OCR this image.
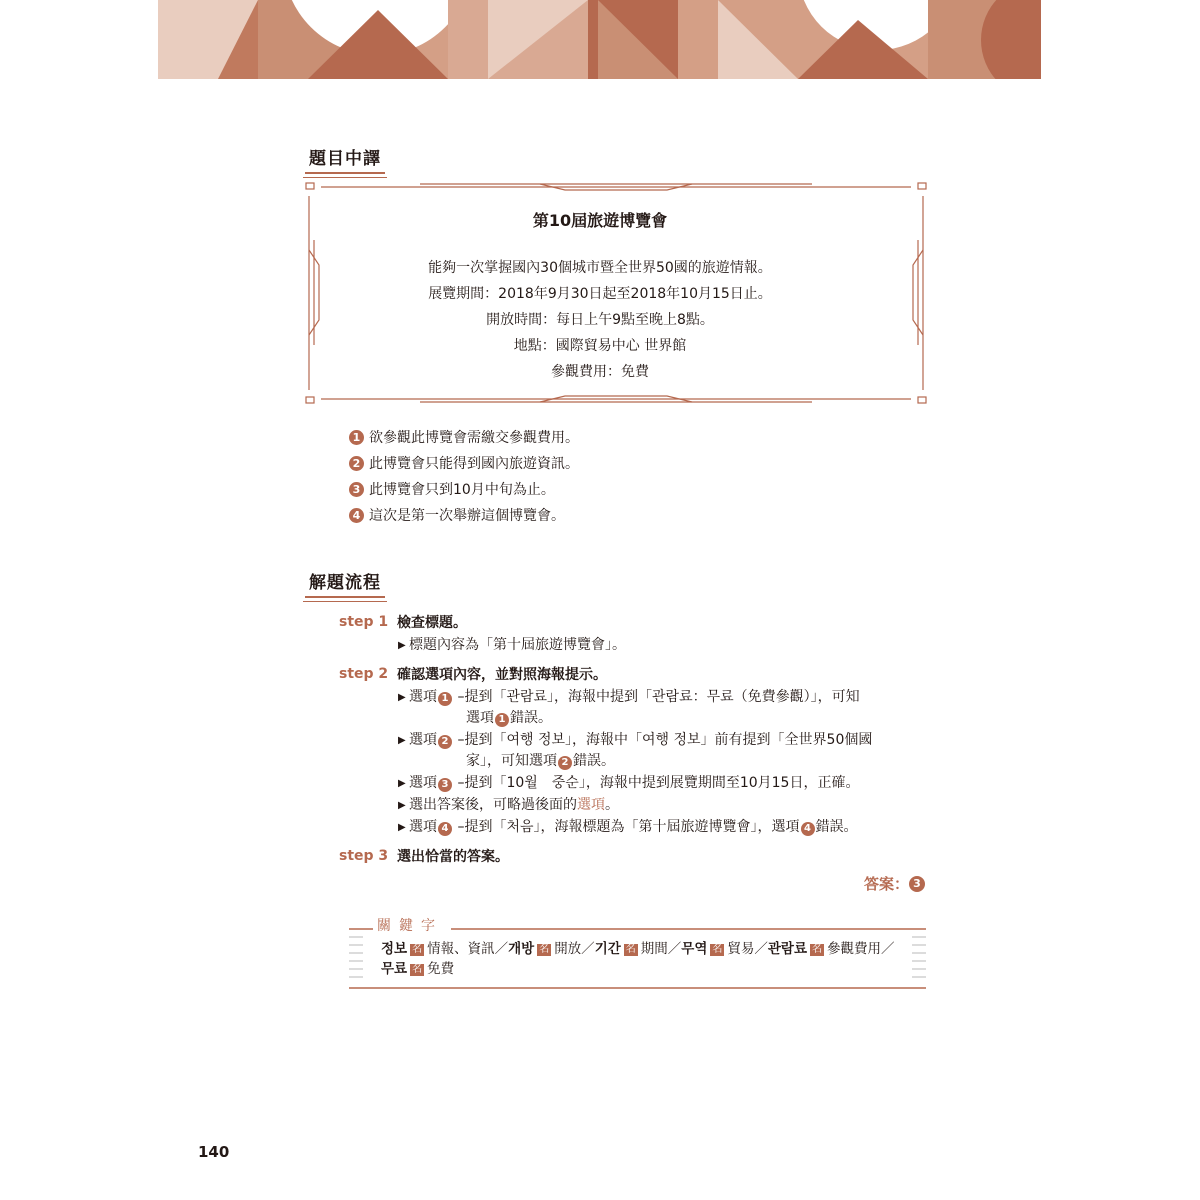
題目中譯
第10屆旅遊博覽會
能夠一次掌握國內30個城市暨全世界50國的旅遊情報。
展覽期間：2018年9月30日起至2018年10月15日止。
開放時間：每日上午9點至晚上8點。
地點：國際貿易中心 世界館
參觀費用：免費
1 欲參觀此博覽會需繳交參觀費用。
2 此博覽會只能得到國內旅遊資訊。
3 此博覽會只到10月中旬為止。
4 這次是第一次舉辦這個博覽會。
解題流程
step 1 檢查標題。
▶ 標題內容為「第十屆旅遊博覽會」。
step 2 確認選項內容，並對照海報提示。
▶ 選項 1 –提到「관람료」，海報中提到「관람료：무료（免費參觀）」，可知
選項 1 錯誤。
▶ 選項 2 –提到「여행 정보」，海報中「여행 정보」前有提到「全世界50個國
家」，可知選項 2 錯誤。
▶ 選項 3 –提到「10월　중순」，海報中提到展覽期間至10月15日，正確。
▶ 選出答案後，可略過後面的選項。
▶ 選項 4 –提到「처음」，海報標題為「第十屆旅遊博覽會」，選項 4 錯誤。
step 3 選出恰當的答案。
答案： 3
關鍵字
정보 名 情報、資訊／개방 名 開放／기간 名 期間／무역 名 貿易／관람료 名 參觀費用／
무료 名 免費
140
